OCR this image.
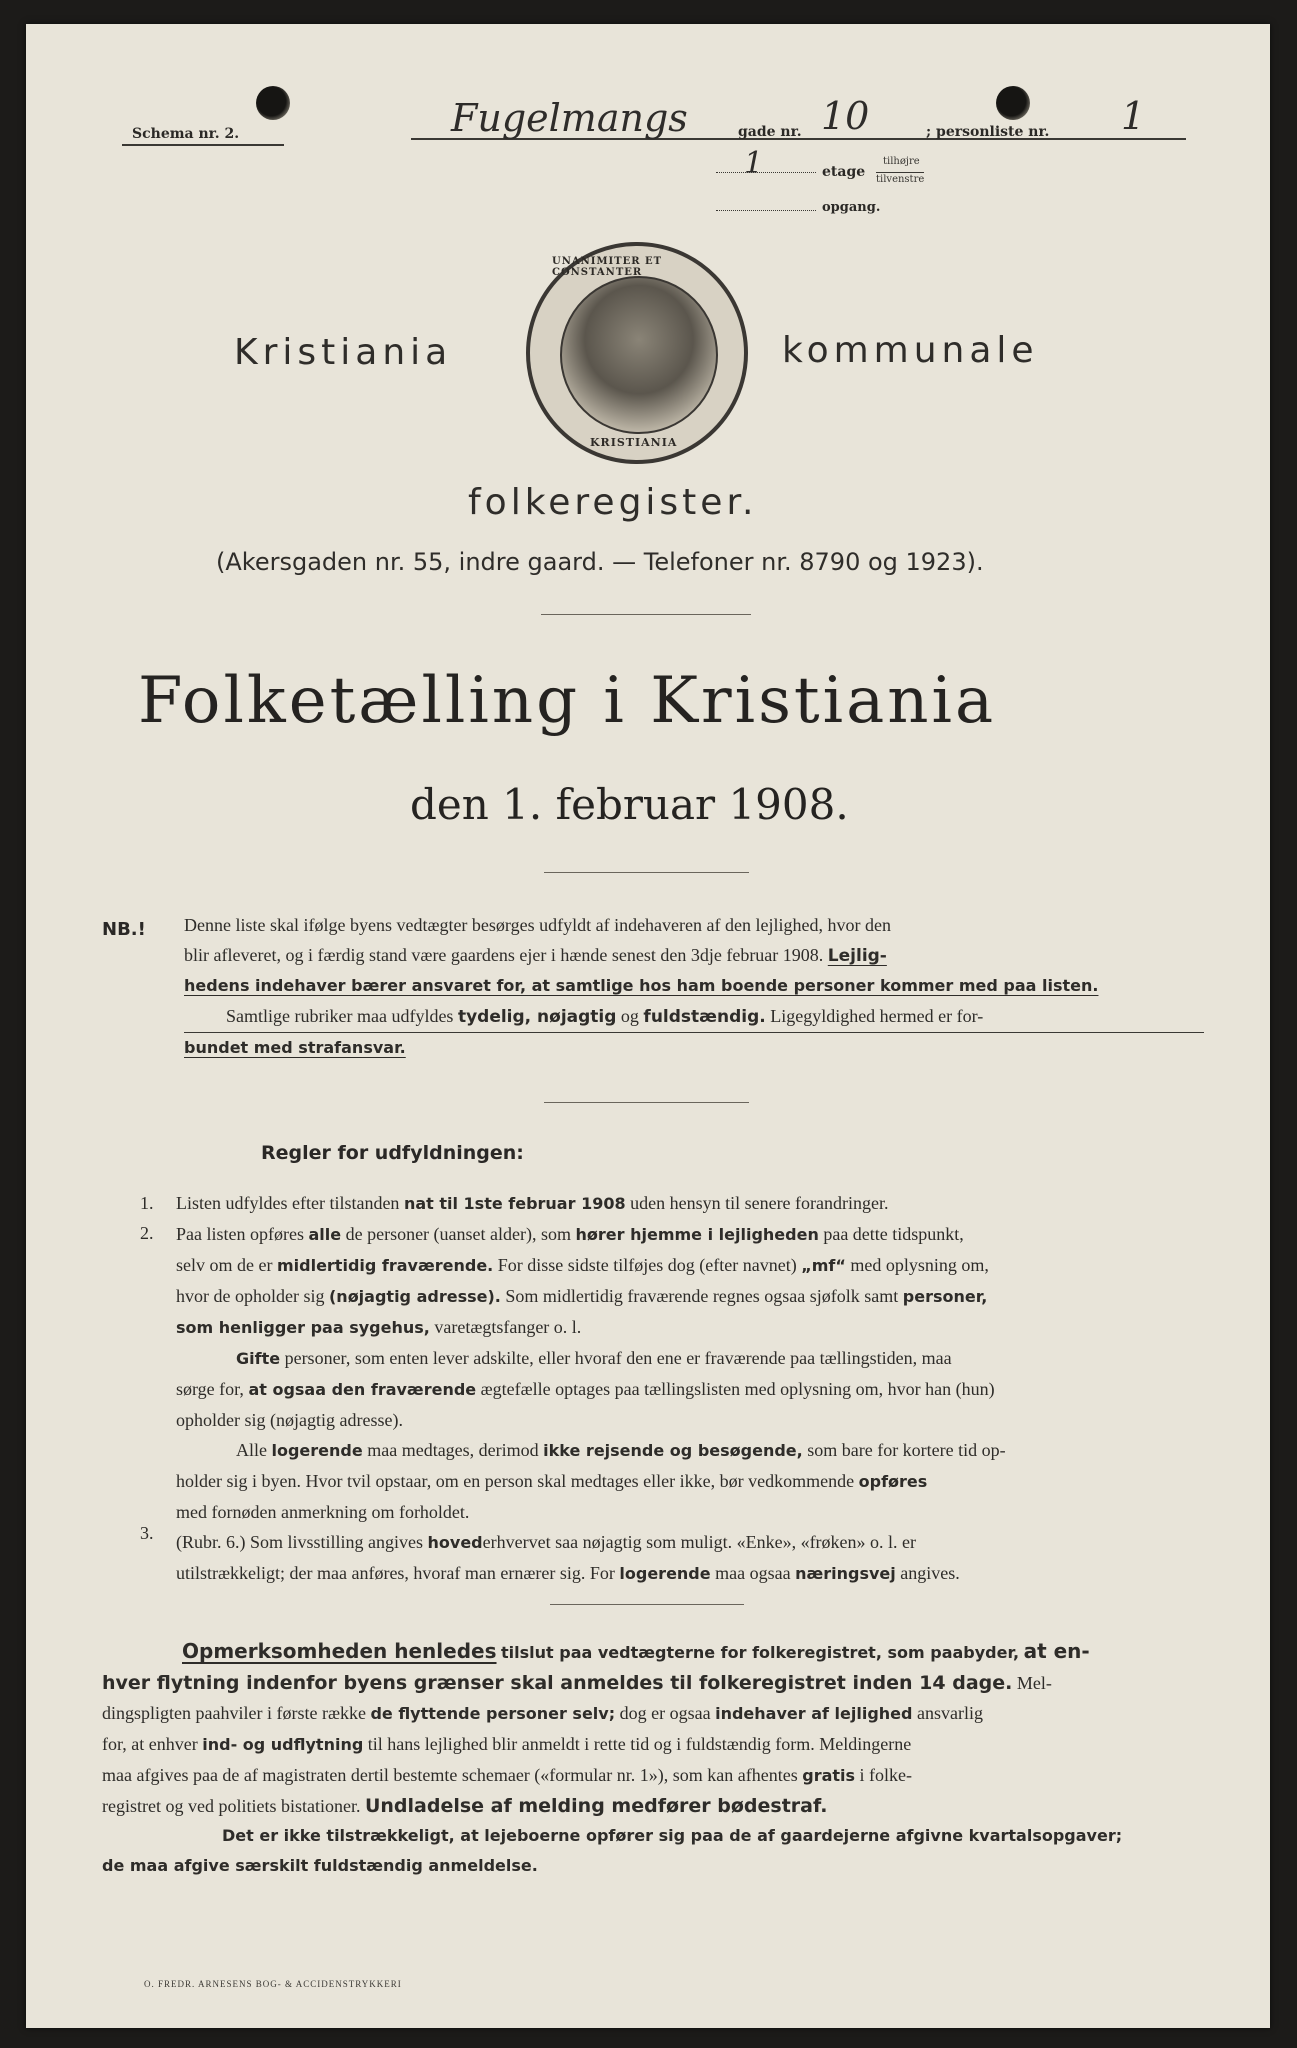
Schema nr. 2.	Fugelmangs	gade nr. 10	; personliste nr. 1
1	etage
tilhøjre
tilvenstre
opgang.
Kristiania
UNANIMITER ET CONSTANTER
KRISTIANIA
kommunale
folkeregister.
(Akersgaden nr. 55, indre gaard. — Telefoner nr. 8790 og 1923).
Folketælling i Kristiania
den 1. februar 1908.
NB.! Denne liste skal ifølge byens vedtægter besørges udfyldt af indehaveren af den lejlighed, hvor den
blir afleveret, og i færdig stand være gaardens ejer i hænde senest den 3dje februar 1908. Lejlig-
hedens indehaver bærer ansvaret for, at samtlige hos ham boende personer kommer med paa listen.
Samtlige rubriker maa udfyldes tydelig, nøjagtig og fuldstændig. Ligegyldighed hermed er for-
bundet med strafansvar.
Regler for udfyldningen:
1.
2.
3.
Listen udfyldes efter tilstanden nat til 1ste februar 1908 uden hensyn til senere forandringer.
Paa listen opføres alle de personer (uanset alder), som hører hjemme i lejligheden paa dette tidspunkt,
selv om de er midlertidig fraværende. For disse sidste tilføjes dog (efter navnet) „mf“ med oplysning om,
hvor de opholder sig (nøjagtig adresse). Som midlertidig fraværende regnes ogsaa sjøfolk samt personer,
som henligger paa sygehus, varetægtsfanger o. l.
Gifte personer, som enten lever adskilte, eller hvoraf den ene er fraværende paa tællingstiden, maa
sørge for, at ogsaa den fraværende ægtefælle optages paa tællingslisten med oplysning om, hvor han (hun)
opholder sig (nøjagtig adresse).
Alle logerende maa medtages, derimod ikke rejsende og besøgende, som bare for kortere tid op-
holder sig i byen. Hvor tvil opstaar, om en person skal medtages eller ikke, bør vedkommende opføres
med fornøden anmerkning om forholdet.
(Rubr. 6.) Som livsstilling angives hovederhvervet saa nøjagtig som muligt. «Enke», «frøken» o. l. er
utilstrækkeligt; der maa anføres, hvoraf man ernærer sig. For logerende maa ogsaa næringsvej angives.
Opmerksomheden henledes tilslut paa vedtægterne for folkeregistret, som paabyder, at en-
hver flytning indenfor byens grænser skal anmeldes til folkeregistret inden 14 dage. Mel-
dingspligten paahviler i første række de flyttende personer selv; dog er ogsaa indehaver af lejlighed ansvarlig
for, at enhver ind- og udflytning til hans lejlighed blir anmeldt i rette tid og i fuldstændig form. Meldingerne
maa afgives paa de af magistraten dertil bestemte schemaer («formular nr. 1»), som kan afhentes gratis i folke-
registret og ved politiets bistationer. Undladelse af melding medfører bødestraf.
Det er ikke tilstrækkeligt, at lejeboerne opfører sig paa de af gaardejerne afgivne kvartalsopgaver;
de maa afgive særskilt fuldstændig anmeldelse.
O. FREDR. ARNESENS BOG- & ACCIDENSTRYKKERI
